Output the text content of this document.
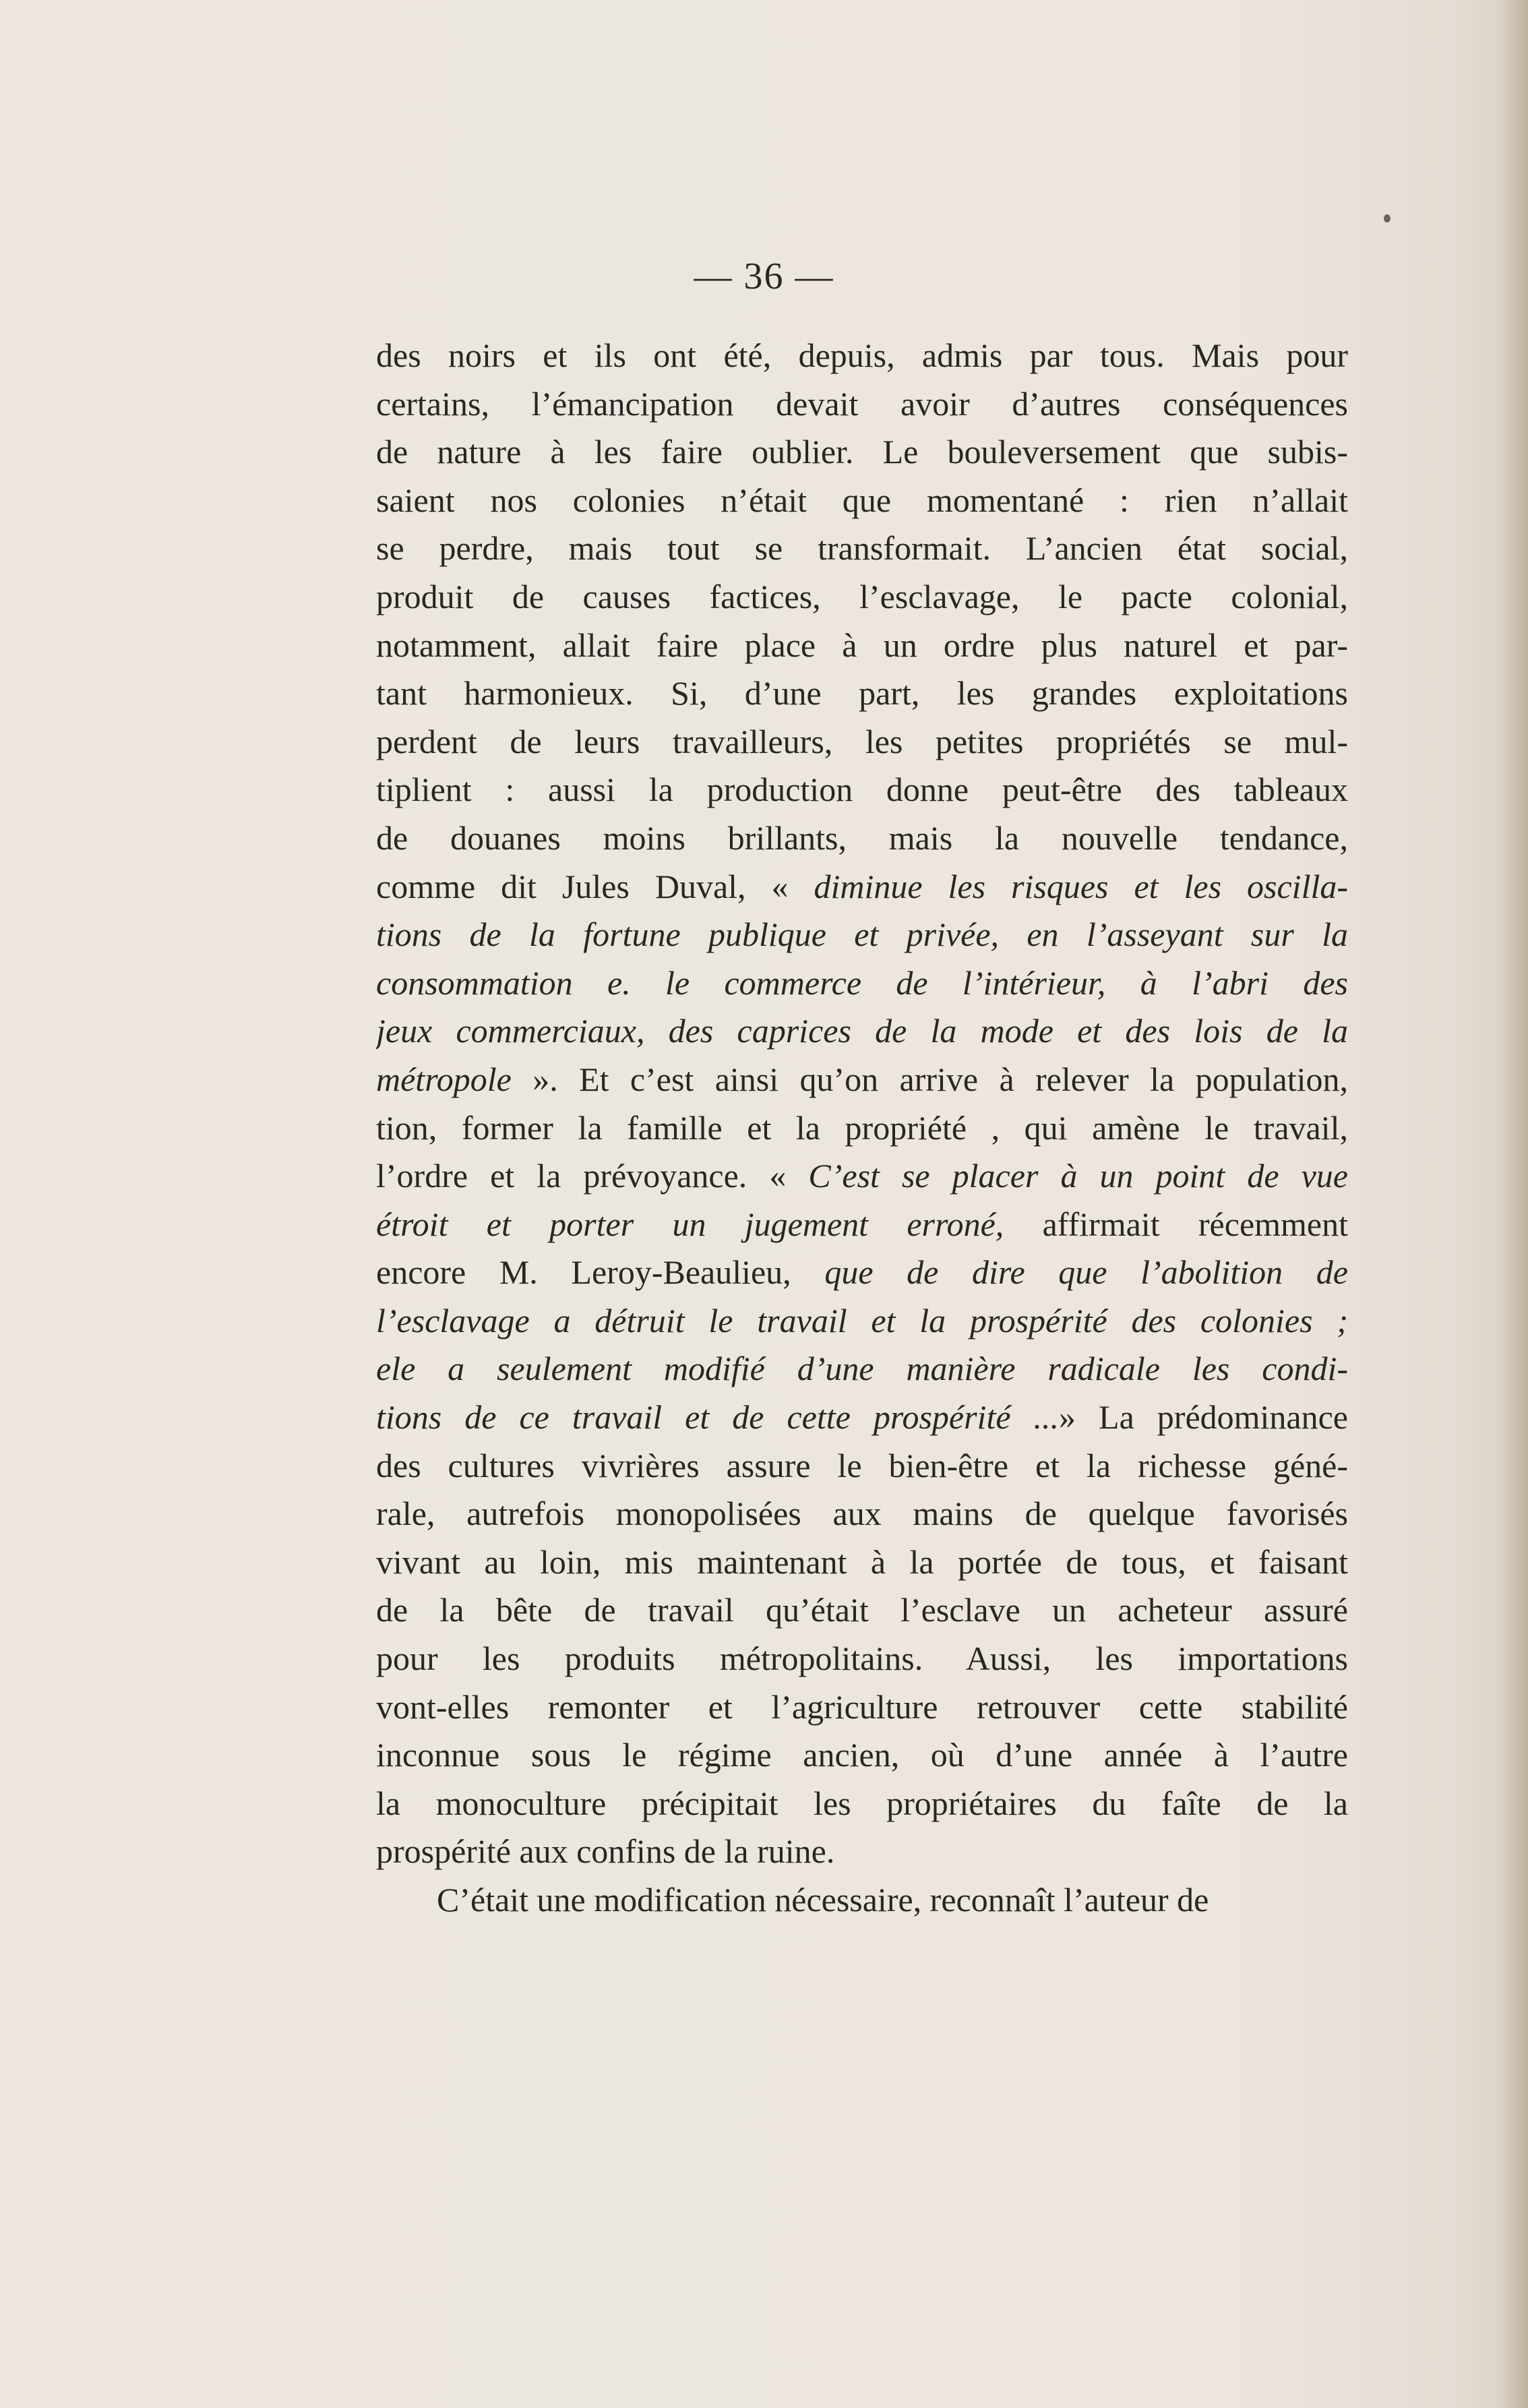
— 36 —
des noirs et ils ont été, depuis, admis par tous. Mais pour
certains, l’émancipation devait avoir d’autres conséquences
de nature à les faire oublier. Le bouleversement que subis-
saient nos colonies n’était que momentané : rien n’allait
se perdre, mais tout se transformait. L’ancien état social,
produit de causes factices, l’esclavage, le pacte colonial,
notamment, allait faire place à un ordre plus naturel et par-
tant harmonieux. Si, d’une part, les grandes exploitations
perdent de leurs travailleurs, les petites propriétés se mul-
tiplient : aussi la production donne peut-être des tableaux
de douanes moins brillants, mais la nouvelle tendance,
comme dit Jules Duval, « diminue les risques et les oscilla-
tions de la fortune publique et privée, en l’asseyant sur la
consommation e. le commerce de l’intérieur, à l’abri des
jeux commerciaux, des caprices de la mode et des lois de la
métropole ». Et c’est ainsi qu’on arrive à relever la population,
tion, former la famille et la propriété , qui amène le travail,
l’ordre et la prévoyance. « C’est se placer à un point de vue
étroit et porter un jugement erroné, affirmait récemment
encore M. Leroy-Beaulieu, que de dire que l’abolition de
l’esclavage a détruit le travail et la prospérité des colonies ;
ele a seulement modifié d’une manière radicale les condi-
tions de ce travail et de cette prospérité ...» La prédominance
des cultures vivrières assure le bien-être et la richesse géné-
rale, autrefois monopolisées aux mains de quelque favorisés
vivant au loin, mis maintenant à la portée de tous, et faisant
de la bête de travail qu’était l’esclave un acheteur assuré
pour les produits métropolitains. Aussi, les importations
vont-elles remonter et l’agriculture retrouver cette stabilité
inconnue sous le régime ancien, où d’une année à l’autre
la monoculture précipitait les propriétaires du faîte de la
prospérité aux confins de la ruine.
C’était une modification nécessaire, reconnaît l’auteur de
